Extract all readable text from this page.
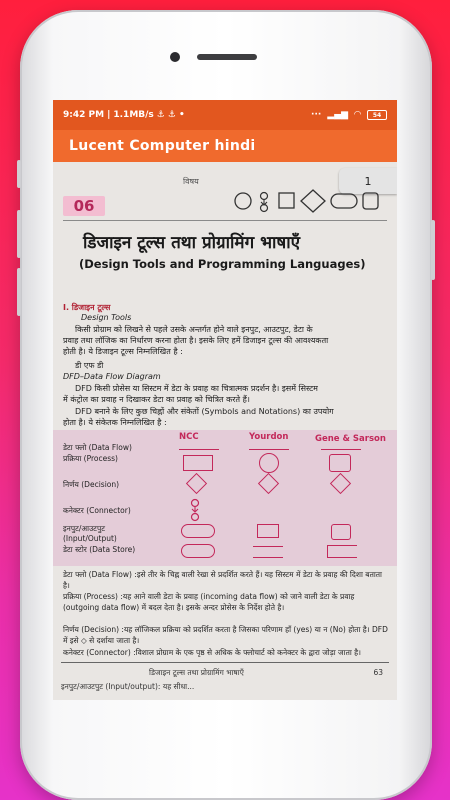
9:42 PM | 1.1MB/s ⚓ ⚓ •	··· ▂▄▆ ◠	54
Lucent Computer hindi
1
विषय
06
डिजाइन टूल्स तथा प्रोग्रामिंग भाषाएँ
(Design Tools and Programming Languages)
I. डिजाइन टूल्स
Design Tools
किसी प्रोग्राम को लिखने से पहले उसके अन्तर्गत होने वाले इनपुट, आउटपुट, डेटा के
प्रवाह तथा लॉजिक का निर्धारण करना होता है। इसके लिए हमें डिजाइन टूल्स की आवश्यकता
होती है। ये डिजाइन टूल्स निम्नलिखित है :
डी एफ डी
DFD–Data Flow Diagram
DFD किसी प्रोसेस या सिस्टम में डेटा के प्रवाह का चित्रात्मक प्रदर्शन है। इसमें सिस्टम
में कंट्रोल का प्रवाह न दिखाकर डेटा का प्रवाह को चित्रित करते हैं।
DFD बनाने के लिए कुछ चिह्नों और संकेतों (Symbols and Notations) का उपयोग
होता है। ये संकेतक निम्नलिखित है :
NCC	Yourdon	Gene & Sarson
डेटा फ्लो (Data Flow)
प्रक्रिया (Process)
निर्णय (Decision)
कनेक्टर (Connector)
इनपुट/आउटपुट
(Input/Output)
डेटा स्टोर (Data Store)
डेटा फ्लो (Data Flow) :इसे तीर के चिह्न वाली रेखा से प्रदर्शित करते हैं। यह सिस्टम में डेटा के प्रवाह की दिशा बताता है।
प्रक्रिया (Process) :यह आने वाली डेटा के प्रवाह (incoming data flow) को जाने वाली डेटा के प्रवाह (outgoing data flow) में बदल देता है। इसके अन्दर प्रोसेस के निर्देश होते है।
निर्णय (Decision) :यह लॉजिकल प्रक्रिया को प्रदर्शित करता है जिसका परिणाम हाँ (yes) या न (No) होता है। DFD में इसे ◇ से दर्शाया जाता है।
कनेक्टर (Connector) :विशाल प्रोग्राम के एक पृष्ठ से अधिक के फ्लोचार्ट को कनेक्टर के द्वारा जोड़ा जाता है।
डिजाइन टूल्स तथा प्रोग्रामिंग भाषाएँ	63
इनपुट/आउटपुट (Input/output): यह सीधा...
